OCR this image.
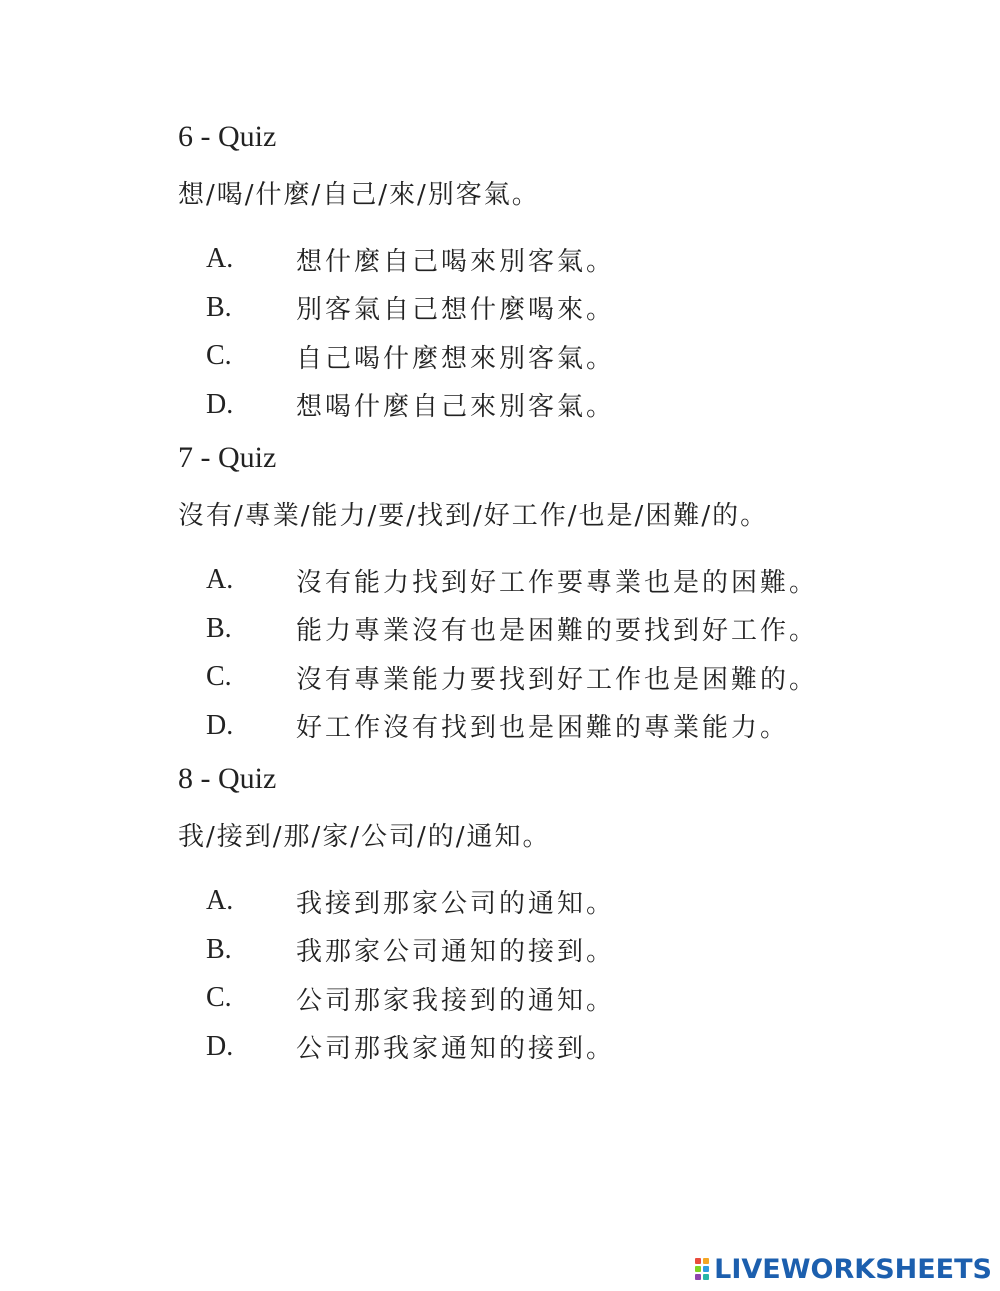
6 - Quiz
想/喝/什麼/自己/來/別客氣。
A.	想什麼自己喝來別客氣。
B.	別客氣自己想什麼喝來。
C.	自己喝什麼想來別客氣。
D.	想喝什麼自己來別客氣。
7 - Quiz
沒有/專業/能力/要/找到/好工作/也是/困難/的。
A.	沒有能力找到好工作要專業也是的困難。
B.	能力專業沒有也是困難的要找到好工作。
C.	沒有專業能力要找到好工作也是困難的。
D.	好工作沒有找到也是困難的專業能力。
8 - Quiz
我/接到/那/家/公司/的/通知。
A.	我接到那家公司的通知。
B.	我那家公司通知的接到。
C.	公司那家我接到的通知。
D.	公司那我家通知的接到。
LIVEWORKSHEETS
